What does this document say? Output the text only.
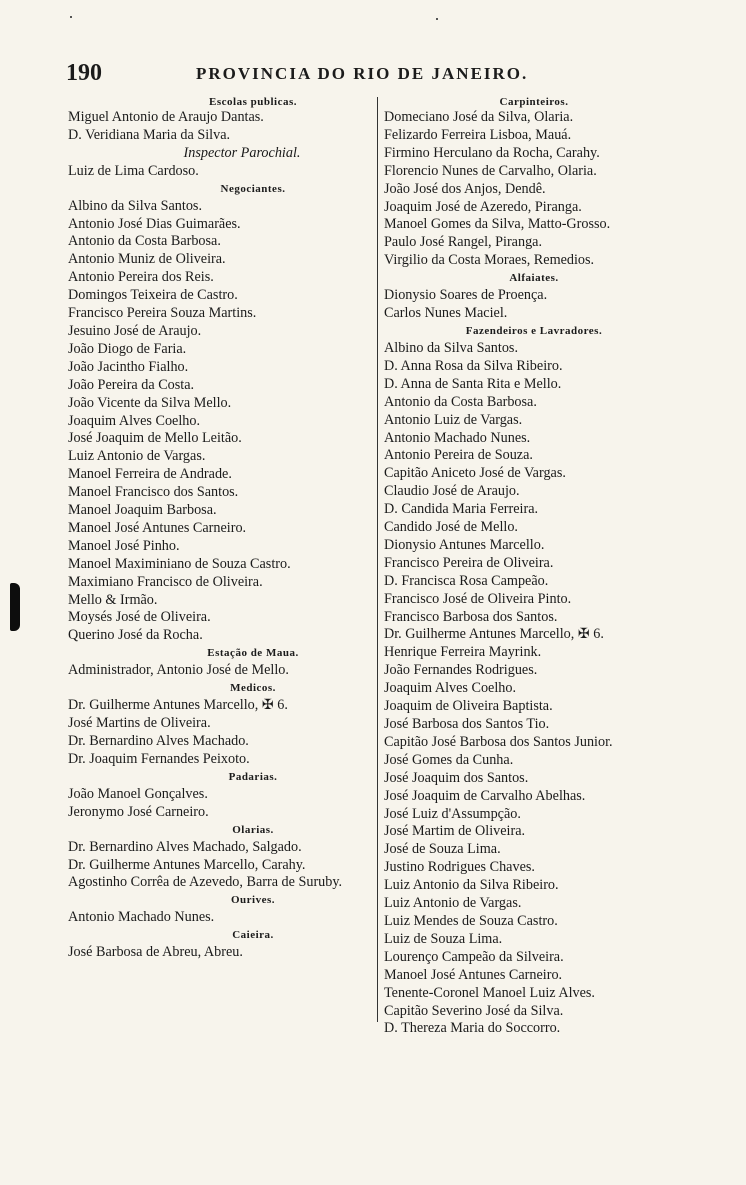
190	PROVINCIA DO RIO DE JANEIRO.
Escolas publicas.
Miguel Antonio de Araujo Dantas.
D. Veridiana Maria da Silva.
Inspector Parochial.
Luiz de Lima Cardoso.
Negociantes.
Albino da Silva Santos.
Antonio José Dias Guimarães.
Antonio da Costa Barbosa.
Antonio Muniz de Oliveira.
Antonio Pereira dos Reis.
Domingos Teixeira de Castro.
Francisco Pereira Souza Martins.
Jesuino José de Araujo.
João Diogo de Faria.
João Jacintho Fialho.
João Pereira da Costa.
João Vicente da Silva Mello.
Joaquim Alves Coelho.
José Joaquim de Mello Leitão.
Luiz Antonio de Vargas.
Manoel Ferreira de Andrade.
Manoel Francisco dos Santos.
Manoel Joaquim Barbosa.
Manoel José Antunes Carneiro.
Manoel José Pinho.
Manoel Maximiniano de Souza Castro.
Maximiano Francisco de Oliveira.
Mello & Irmão.
Moysés José de Oliveira.
Querino José da Rocha.
Estação de Maua.
Administrador, Antonio José de Mello.
Medicos.
Dr. Guilherme Antunes Marcello, ✠ 6.
José Martins de Oliveira.
Dr. Bernardino Alves Machado.
Dr. Joaquim Fernandes Peixoto.
Padarias.
João Manoel Gonçalves.
Jeronymo José Carneiro.
Olarias.
Dr. Bernardino Alves Machado, Salgado.
Dr. Guilherme Antunes Marcello, Carahy.
Agostinho Corrêa de Azevedo, Barra de Suruby.
Ourives.
Antonio Machado Nunes.
Caieira.
José Barbosa de Abreu, Abreu.
Carpinteiros.
Domeciano José da Silva, Olaria.
Felizardo Ferreira Lisboa, Mauá.
Firmino Herculano da Rocha, Carahy.
Florencio Nunes de Carvalho, Olaria.
João José dos Anjos, Dendê.
Joaquim José de Azeredo, Piranga.
Manoel Gomes da Silva, Matto-Grosso.
Paulo José Rangel, Piranga.
Virgilio da Costa Moraes, Remedios.
Alfaiates.
Dionysio Soares de Proença.
Carlos Nunes Maciel.
Fazendeiros e Lavradores.
Albino da Silva Santos.
D. Anna Rosa da Silva Ribeiro.
D. Anna de Santa Rita e Mello.
Antonio da Costa Barbosa.
Antonio Luiz de Vargas.
Antonio Machado Nunes.
Antonio Pereira de Souza.
Capitão Aniceto José de Vargas.
Claudio José de Araujo.
D. Candida Maria Ferreira.
Candido José de Mello.
Dionysio Antunes Marcello.
Francisco Pereira de Oliveira.
D. Francisca Rosa Campeão.
Francisco José de Oliveira Pinto.
Francisco Barbosa dos Santos.
Dr. Guilherme Antunes Marcello, ✠ 6.
Henrique Ferreira Mayrink.
João Fernandes Rodrigues.
Joaquim Alves Coelho.
Joaquim de Oliveira Baptista.
José Barbosa dos Santos Tio.
Capitão José Barbosa dos Santos Junior.
José Gomes da Cunha.
José Joaquim dos Santos.
José Joaquim de Carvalho Abelhas.
José Luiz d'Assumpção.
José Martim de Oliveira.
José de Souza Lima.
Justino Rodrigues Chaves.
Luiz Antonio da Silva Ribeiro.
Luiz Antonio de Vargas.
Luiz Mendes de Souza Castro.
Luiz de Souza Lima.
Lourenço Campeão da Silveira.
Manoel José Antunes Carneiro.
Tenente-Coronel Manoel Luiz Alves.
Capitão Severino José da Silva.
D. Thereza Maria do Soccorro.
